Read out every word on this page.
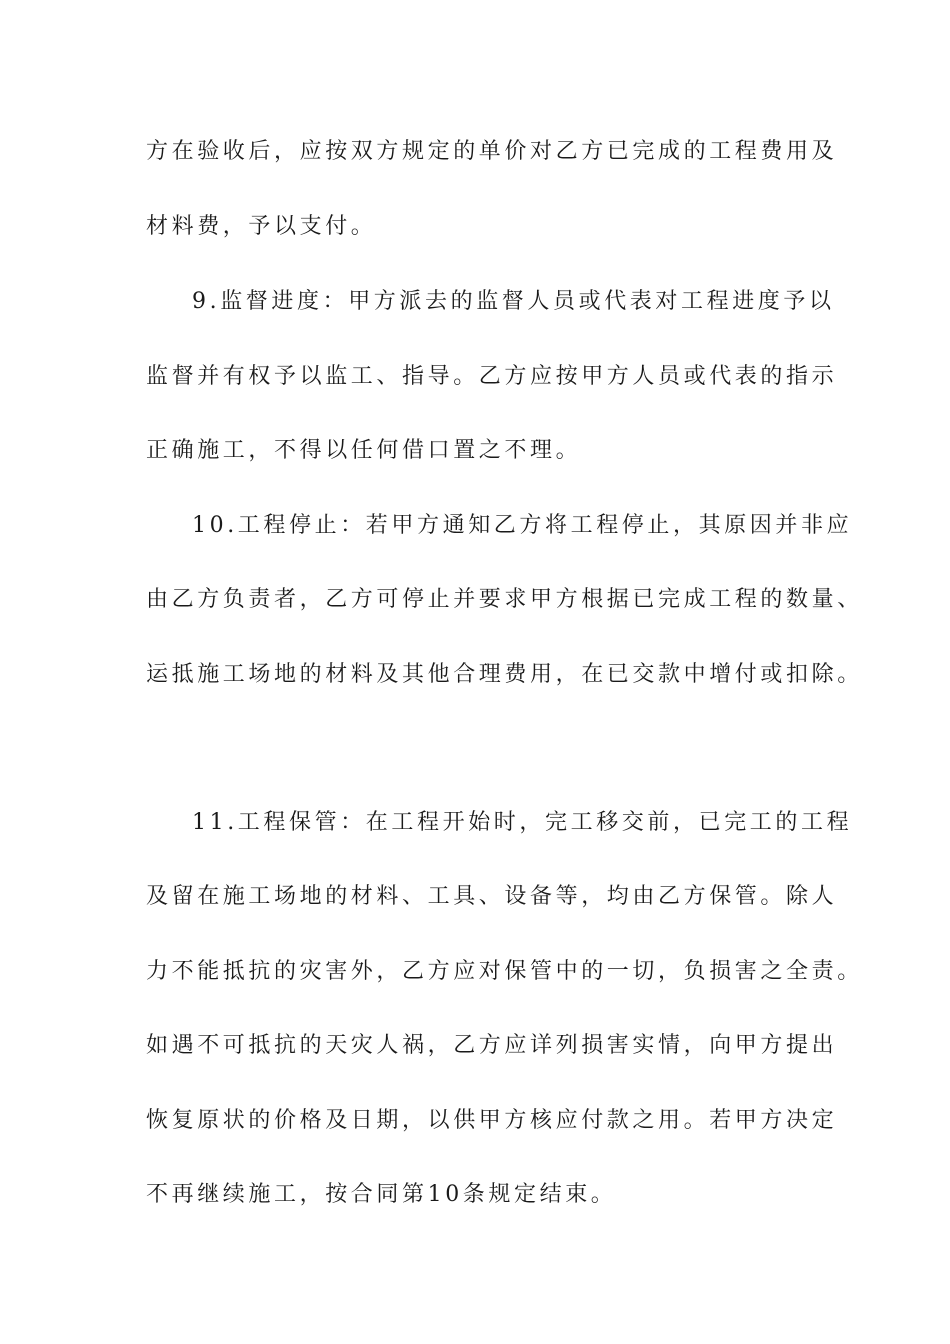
方在验收后，应按双方规定的单价对乙方已完成的工程费用及
材料费，予以支付。
9.监督进度：甲方派去的监督人员或代表对工程进度予以
监督并有权予以监工、指导。乙方应按甲方人员或代表的指示
正确施工，不得以任何借口置之不理。
10.工程停止：若甲方通知乙方将工程停止，其原因并非应
由乙方负责者，乙方可停止并要求甲方根据已完成工程的数量、
运抵施工场地的材料及其他合理费用，在已交款中增付或扣除。
11.工程保管：在工程开始时，完工移交前，已完工的工程
及留在施工场地的材料、工具、设备等，均由乙方保管。除人
力不能抵抗的灾害外，乙方应对保管中的一切，负损害之全责。
如遇不可抵抗的天灾人祸，乙方应详列损害实情，向甲方提出
恢复原状的价格及日期，以供甲方核应付款之用。若甲方决定
不再继续施工，按合同第10条规定结束。
